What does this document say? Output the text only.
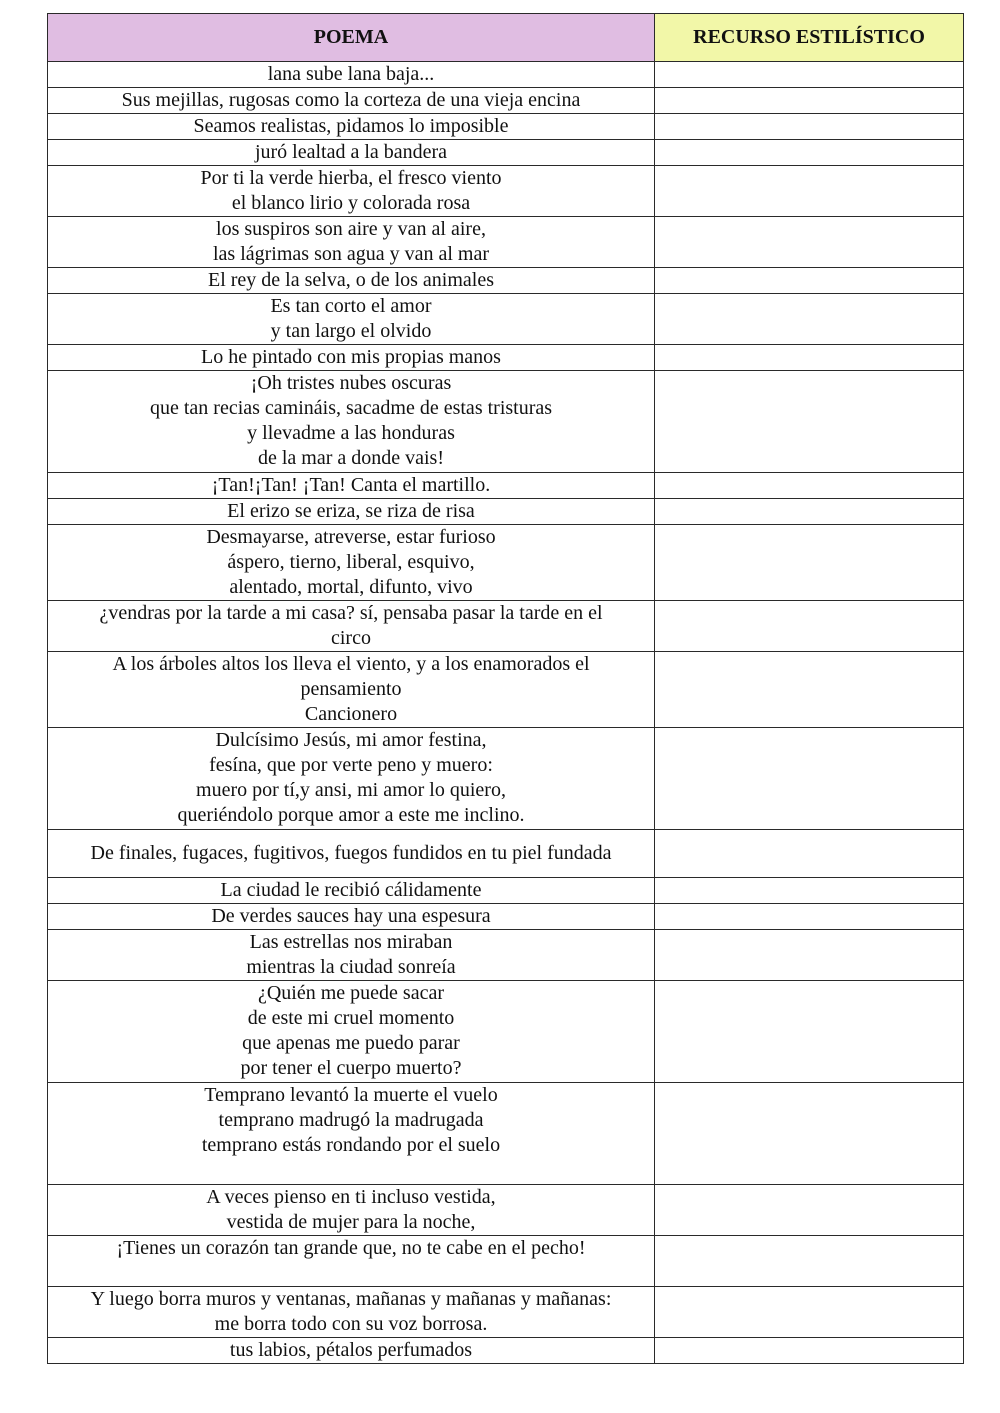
POEMA	RECURSO ESTILÍSTICO

lana sube lana baja...	

Sus mejillas, rugosas como la corteza de una vieja encina	

Seamos realistas, pidamos lo imposible	

juró lealtad a la bandera	

Por ti la verde hierba, el fresco viento
el blanco lirio y colorada rosa	

los suspiros son aire y van al aire,
las lágrimas son agua y van al mar	

El rey de la selva, o de los animales	

Es tan corto el amor
y tan largo el olvido	

Lo he pintado con mis propias manos	

¡Oh tristes nubes oscuras
que tan recias camináis, sacadme de estas tristuras
y llevadme a las honduras
de la mar a donde vais!	

¡Tan!¡Tan! ¡Tan! Canta el martillo.	

El erizo se eriza, se riza de risa	

Desmayarse, atreverse, estar furioso
áspero, tierno, liberal, esquivo,
alentado, mortal, difunto, vivo	

¿vendras por la tarde a mi casa? sí, pensaba pasar la tarde en el
circo	

A los árboles altos los lleva el viento, y a los enamorados el
pensamiento
Cancionero	

Dulcísimo Jesús, mi amor festina,
fesína, que por verte peno y muero:
muero por tí,y ansi, mi amor lo quiero,
queriéndolo porque amor a este me inclino.	

De finales, fugaces, fugitivos, fuegos fundidos en tu piel fundada	

La ciudad le recibió cálidamente	

De verdes sauces hay una espesura	

Las estrellas nos miraban
mientras la ciudad sonreía	

¿Quién me puede sacar
de este mi cruel momento
que apenas me puedo parar
por tener el cuerpo muerto?	

Temprano levantó la muerte el vuelo
temprano madrugó la madrugada
temprano estás rondando por el suelo	

A veces pienso en ti incluso vestida,
vestida de mujer para la noche,	

¡Tienes un corazón tan grande que, no te cabe en el pecho!	

Y luego borra muros y ventanas, mañanas y mañanas y mañanas:
me borra todo con su voz borrosa.	

tus labios, pétalos perfumados	
